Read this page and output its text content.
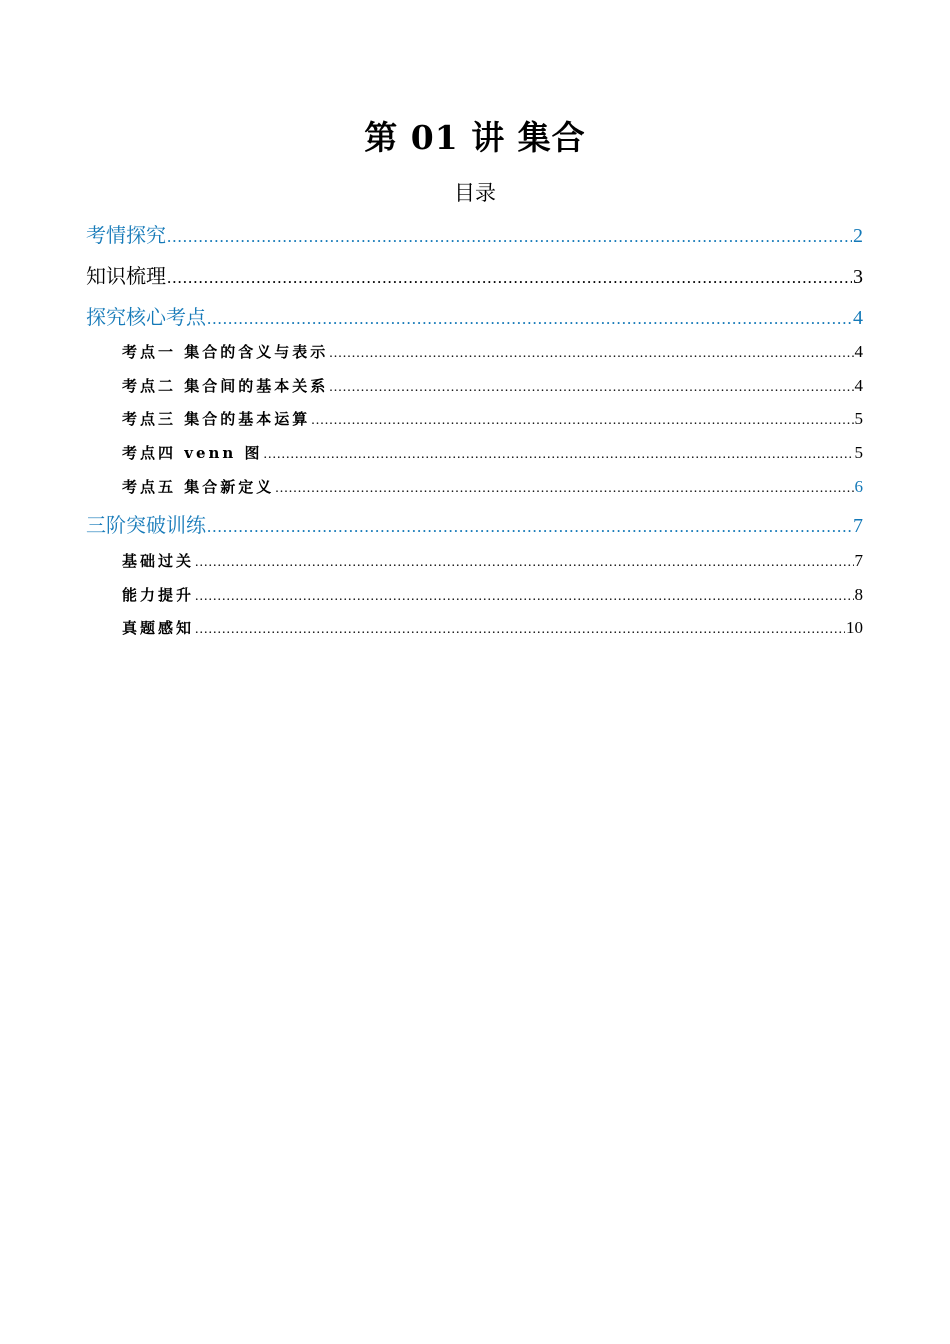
第 01 讲 集合
目录
考情探究 .....	2
知识梳理 .....	3
探究核心考点 .....	4
考点一 集合的含义与表示 .....	4
考点二 集合间的基本关系 .....	4
考点三 集合的基本运算 .....	5
考点四 venn 图 .....	5
考点五 集合新定义 .....	6
三阶突破训练 .....	7
基础过关 .....	7
能力提升 .....	8
真题感知 .....	10
